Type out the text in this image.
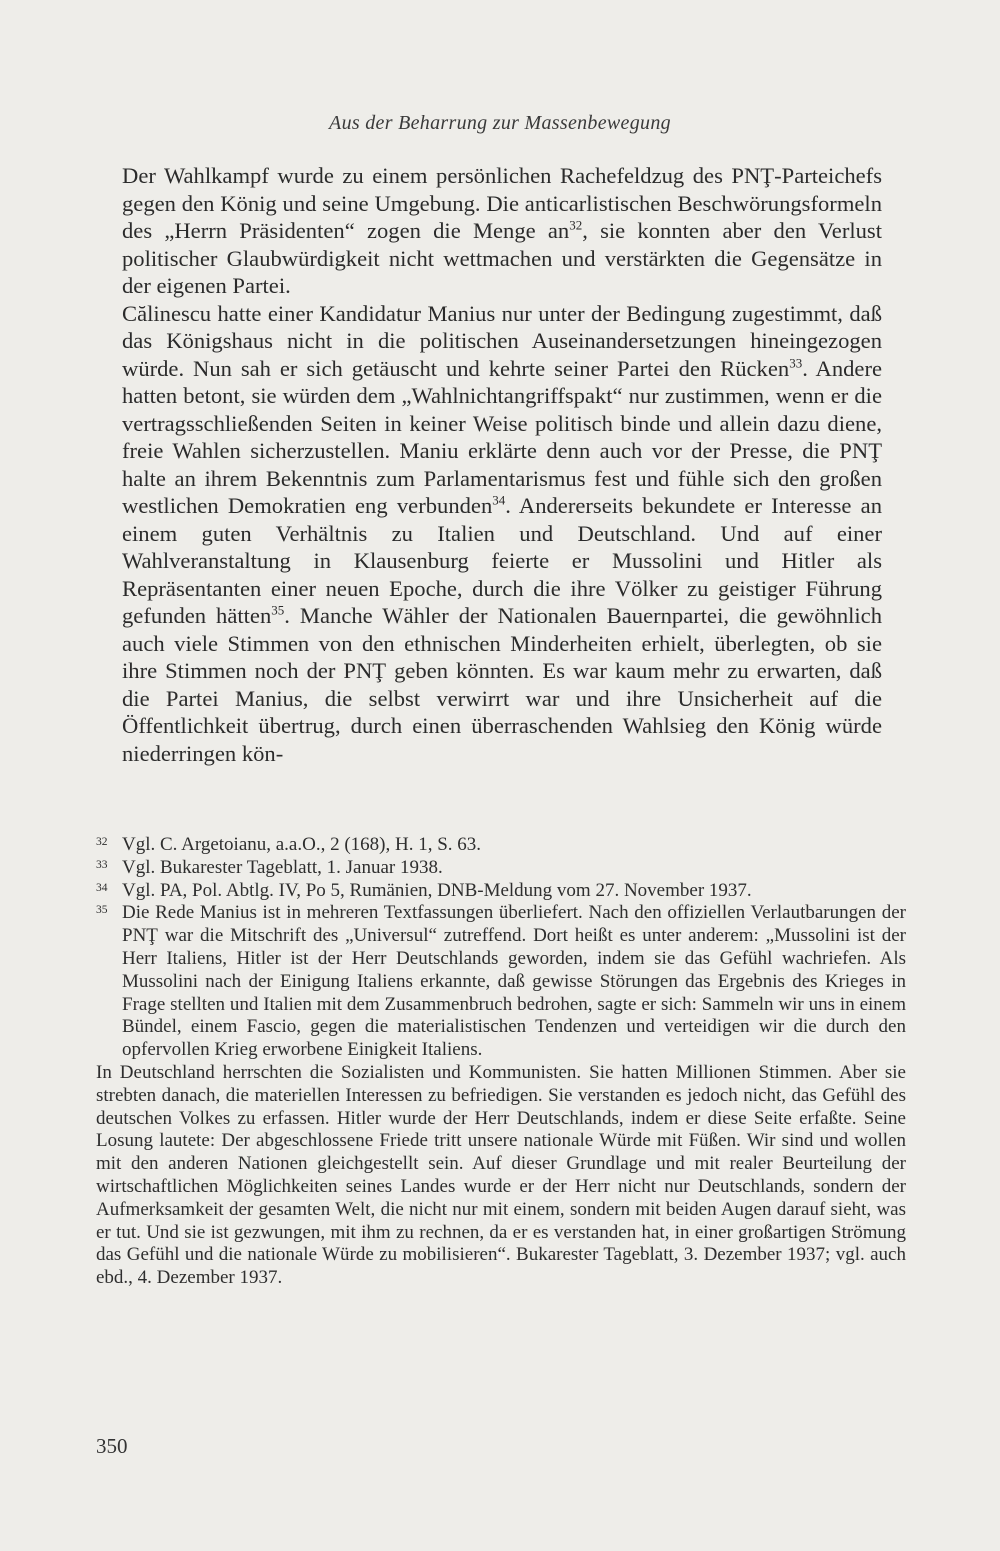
Aus der Beharrung zur Massenbewegung

Der Wahlkampf wurde zu einem persönlichen Rachefeldzug des PNŢ-Parteichefs gegen den König und seine Umgebung. Die anticarlistischen Beschwörungsformeln des „Herrn Präsidenten“ zogen die Menge an$^{32}$, sie konnten aber den Verlust politischer Glaubwürdigkeit nicht wettmachen und verstärkten die Gegensätze in der eigenen Partei.

Călinescu hatte einer Kandidatur Manius nur unter der Bedingung zugestimmt, daß das Königshaus nicht in die politischen Auseinandersetzungen hineingezogen würde. Nun sah er sich getäuscht und kehrte seiner Partei den Rücken$^{33}$. Andere hatten betont, sie würden dem „Wahlnichtangriffspakt“ nur zustimmen, wenn er die vertragsschließenden Seiten in keiner Weise politisch binde und allein dazu diene, freie Wahlen sicherzustellen. Maniu erklärte denn auch vor der Presse, die PNŢ halte an ihrem Bekenntnis zum Parlamentarismus fest und fühle sich den großen westlichen Demokratien eng verbunden$^{34}$. Andererseits bekundete er Interesse an einem guten Verhältnis zu Italien und Deutschland. Und auf einer Wahlveranstaltung in Klausenburg feierte er Mussolini und Hitler als Repräsentanten einer neuen Epoche, durch die ihre Völker zu geistiger Führung gefunden hätten$^{35}$. Manche Wähler der Nationalen Bauernpartei, die gewöhnlich auch viele Stimmen von den ethnischen Minderheiten erhielt, überlegten, ob sie ihre Stimmen noch der PNŢ geben könnten. Es war kaum mehr zu erwarten, daß die Partei Manius, die selbst verwirrt war und ihre Unsicherheit auf die Öffentlichkeit übertrug, durch einen überraschenden Wahlsieg den König würde niederringen kön-

32 Vgl. C. Argetoianu, a.a.O., 2 (168), H. 1, S. 63.
33 Vgl. Bukarester Tageblatt, 1. Januar 1938.
34 Vgl. PA, Pol. Abtlg. IV, Po 5, Rumänien, DNB-Meldung vom 27. November 1937.
35 Die Rede Manius ist in mehreren Textfassungen überliefert. Nach den offiziellen Verlautbarungen der PNŢ war die Mitschrift des „Universul“ zutreffend. Dort heißt es unter anderem: „Mussolini ist der Herr Italiens, Hitler ist der Herr Deutschlands geworden, indem sie das Gefühl wachriefen. Als Mussolini nach der Einigung Italiens erkannte, daß gewisse Störungen das Ergebnis des Krieges in Frage stellten und Italien mit dem Zusammenbruch bedrohen, sagte er sich: Sammeln wir uns in einem Bündel, einem Fascio, gegen die materialistischen Tendenzen und verteidigen wir die durch den opfervollen Krieg erworbene Einigkeit Italiens.

In Deutschland herrschten die Sozialisten und Kommunisten. Sie hatten Millionen Stimmen. Aber sie strebten danach, die materiellen Interessen zu befriedigen. Sie verstanden es jedoch nicht, das Gefühl des deutschen Volkes zu erfassen. Hitler wurde der Herr Deutschlands, indem er diese Seite erfaßte. Seine Losung lautete: Der abgeschlossene Friede tritt unsere nationale Würde mit Füßen. Wir sind und wollen mit den anderen Nationen gleichgestellt sein. Auf dieser Grundlage und mit realer Beurteilung der wirtschaftlichen Möglichkeiten seines Landes wurde er der Herr nicht nur Deutschlands, sondern der Aufmerksamkeit der gesamten Welt, die nicht nur mit einem, sondern mit beiden Augen darauf sieht, was er tut. Und sie ist gezwungen, mit ihm zu rechnen, da er es verstanden hat, in einer großartigen Strömung das Gefühl und die nationale Würde zu mobilisieren“. Bukarester Tageblatt, 3. Dezember 1937; vgl. auch ebd., 4. Dezember 1937.

350
